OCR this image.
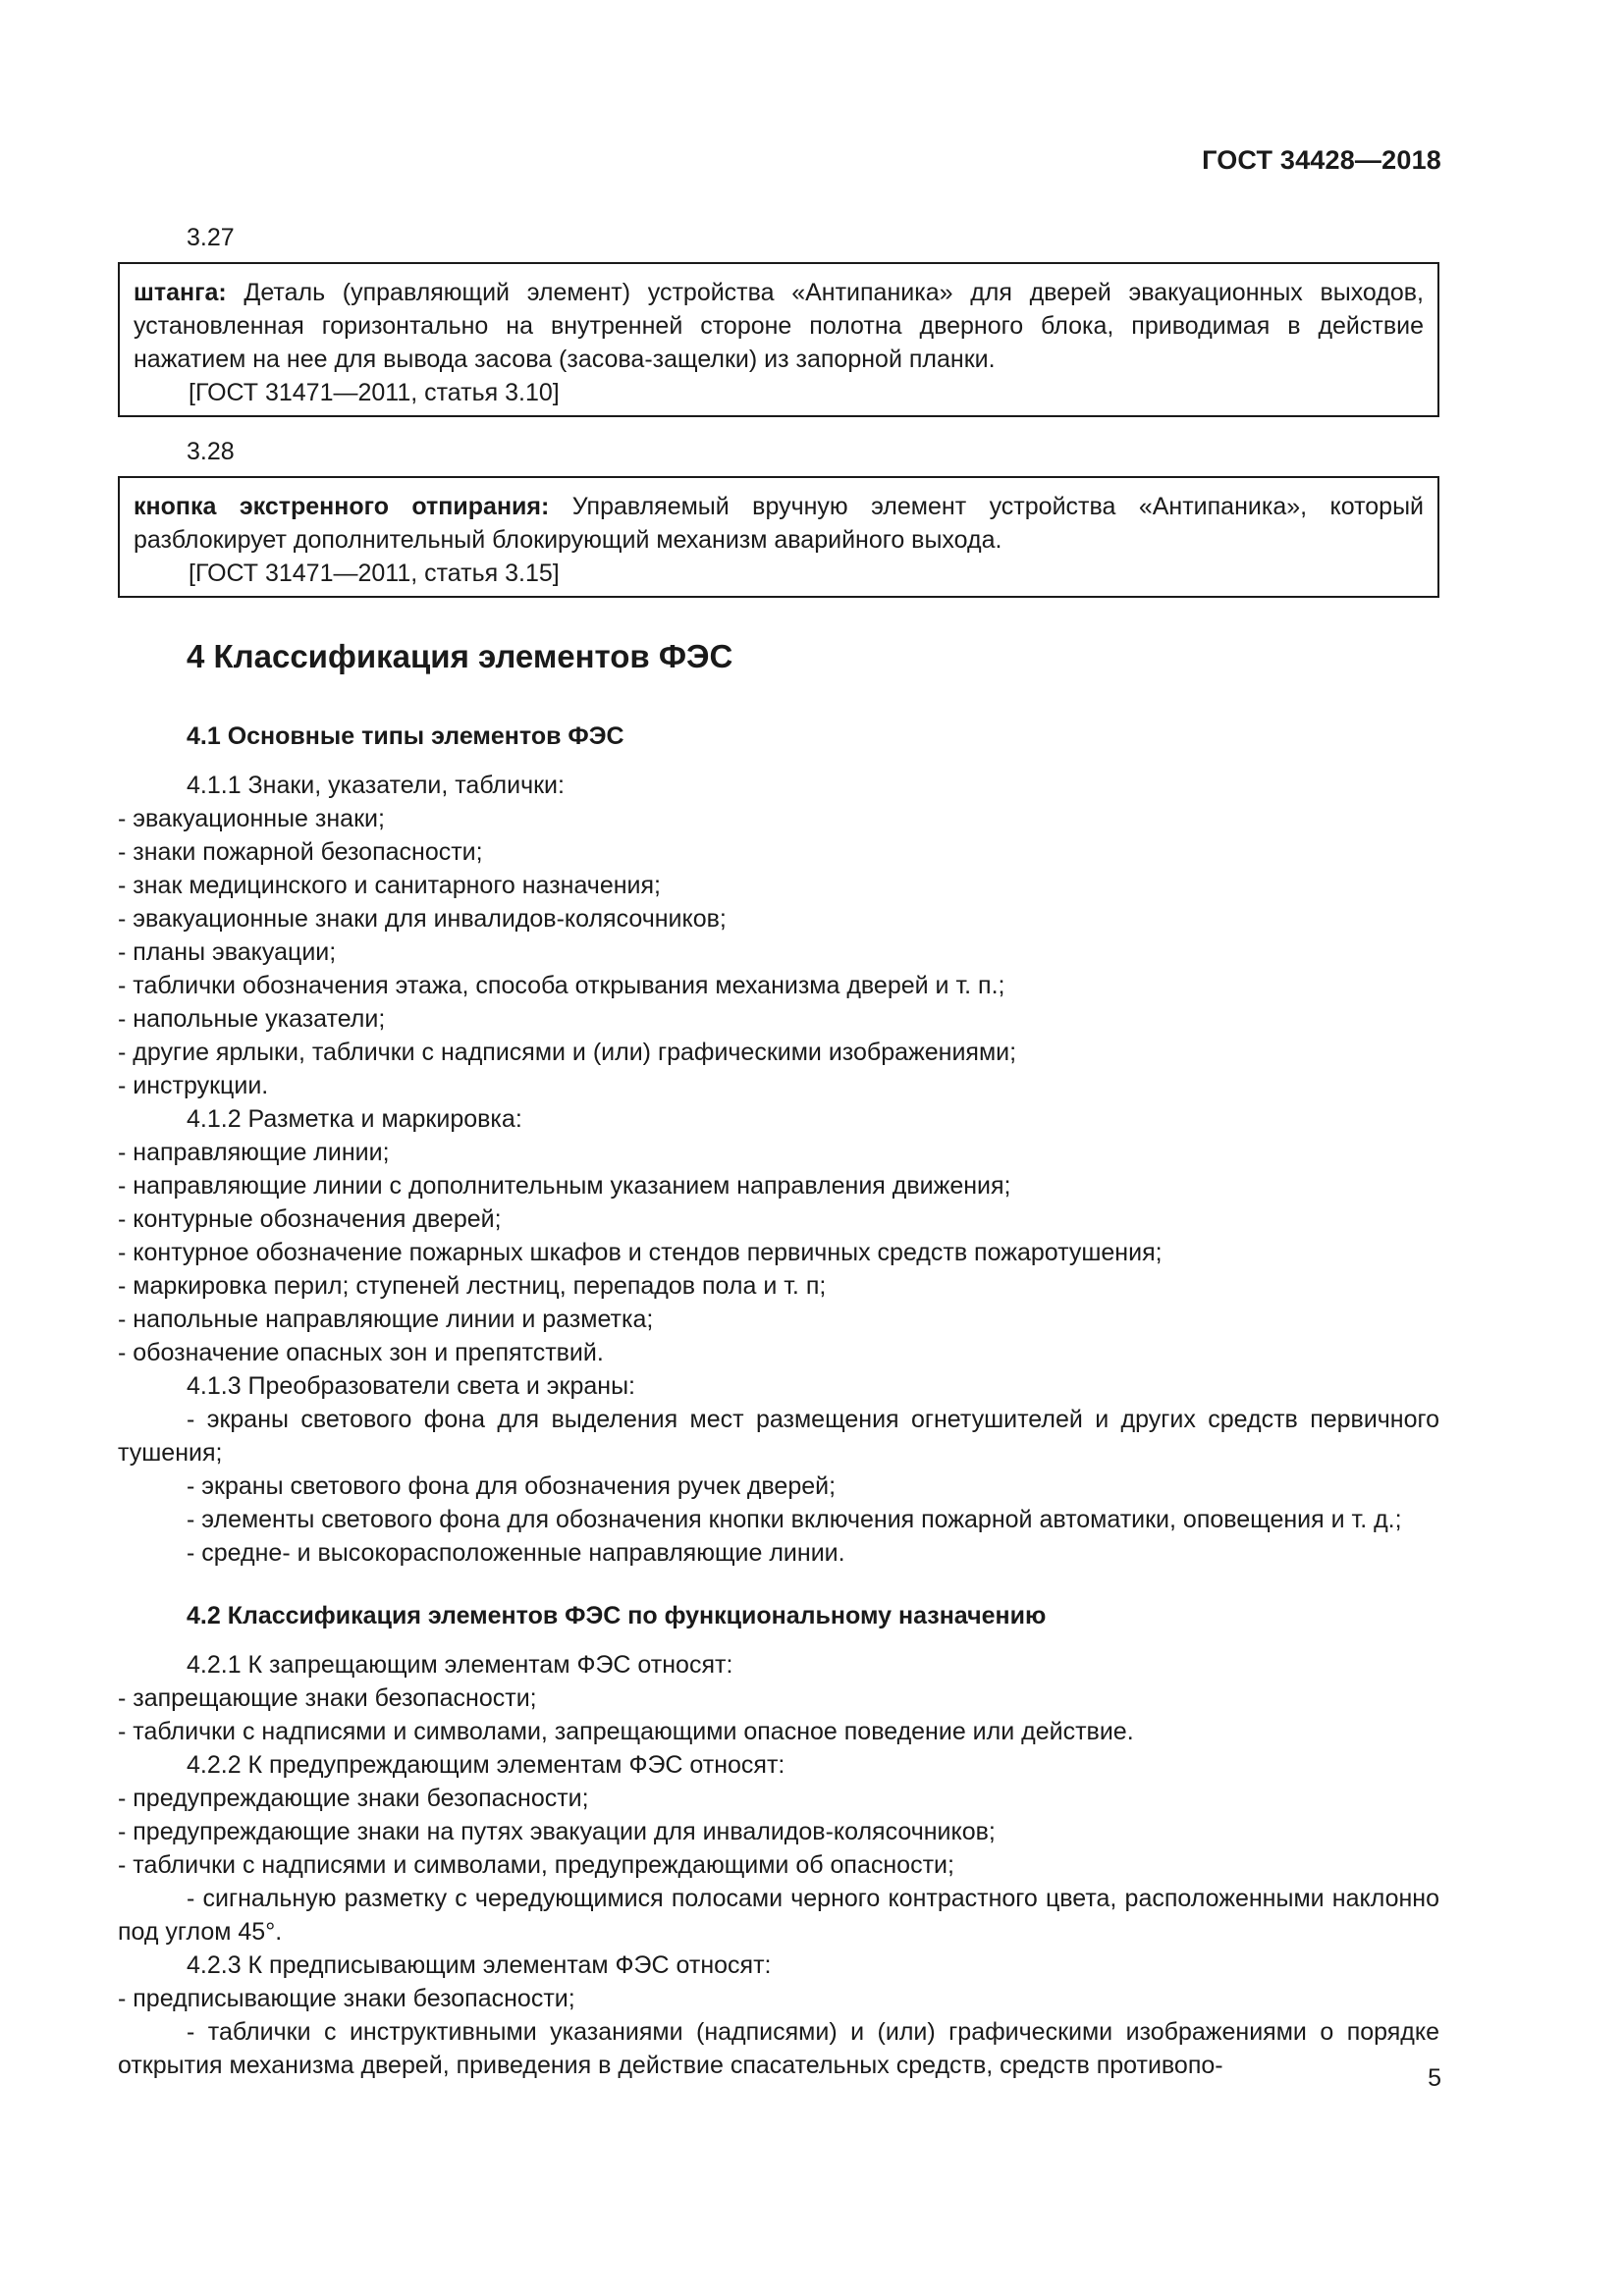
ГОСТ 34428—2018
3.27

штанга: Деталь (управляющий элемент) устройства «Антипаника» для дверей эвакуационных выходов, установленная горизонтально на внутренней стороне полотна дверного блока, приводимая в действие нажатием на нее для вывода засова (засова-защелки) из запорной планки.

[ГОСТ 31471—2011, статья 3.10]

3.28

кнопка экстренного отпирания: Управляемый вручную элемент устройства «Антипаника», который разблокирует дополнительный блокирующий механизм аварийного выхода.

[ГОСТ 31471—2011, статья 3.15]

4 Классификация элементов ФЭС
4.1 Основные типы элементов ФЭС

4.1.1 Знаки, указатели, таблички:

- эвакуационные знаки;

- знаки пожарной безопасности;

- знак медицинского и санитарного назначения;

- эвакуационные знаки для инвалидов-колясочников;

- планы эвакуации;

- таблички обозначения этажа, способа открывания механизма дверей и т. п.;

- напольные указатели;

- другие ярлыки, таблички с надписями и (или) графическими изображениями;

- инструкции.

4.1.2 Разметка и маркировка:

- направляющие линии;

- направляющие линии с дополнительным указанием направления движения;

- контурные обозначения дверей;

- контурное обозначение пожарных шкафов и стендов первичных средств пожаротушения;

- маркировка перил; ступеней лестниц, перепадов пола и т. п;

- напольные направляющие линии и разметка;

- обозначение опасных зон и препятствий.

4.1.3 Преобразователи света и экраны:

- экраны светового фона для выделения мест размещения огнетушителей и других средств первичного тушения;

- экраны светового фона для обозначения ручек дверей;

- элементы светового фона для обозначения кнопки включения пожарной автоматики, оповещения и т. д.;

- средне- и высокорасположенные направляющие линии.

4.2 Классификация элементов ФЭС по функциональному назначению

4.2.1 К запрещающим элементам ФЭС относят:

- запрещающие знаки безопасности;

- таблички с надписями и символами, запрещающими опасное поведение или действие.

4.2.2 К предупреждающим элементам ФЭС относят:

- предупреждающие знаки безопасности;

- предупреждающие знаки на путях эвакуации для инвалидов-колясочников;

- таблички с надписями и символами, предупреждающими об опасности;

- сигнальную разметку с чередующимися полосами черного контрастного цвета, расположенными наклонно под углом 45°.

4.2.3 К предписывающим элементам ФЭС относят:

- предписывающие знаки безопасности;

- таблички с инструктивными указаниями (надписями) и (или) графическими изображениями о порядке открытия механизма дверей, приведения в действие спасательных средств, средств противопо-	5
